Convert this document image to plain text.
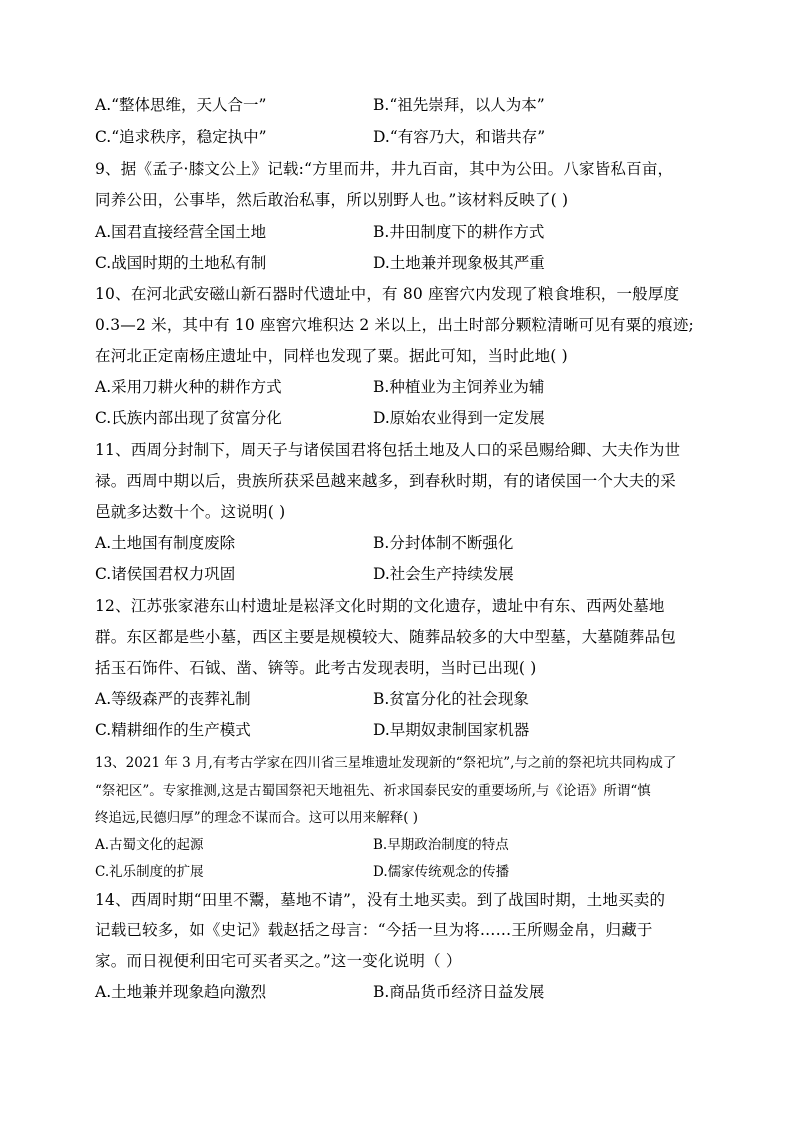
A.“整体思维，天人合一”	B.“祖先崇拜，以人为本”
C.“追求秩序，稳定执中”	D.“有容乃大，和谐共存”
9、据《孟子·膝文公上》记载:“方里而井，井九百亩，其中为公田。八家皆私百亩，
同养公田，公事毕，然后敢治私事，所以别野人也。”该材料反映了( )
A.国君直接经营全国土地	B.井田制度下的耕作方式
C.战国时期的土地私有制	D.土地兼并现象极其严重
10、在河北武安磁山新石器时代遗址中，有 80 座窖穴内发现了粮食堆积，一般厚度
0.3—2 米，其中有 10 座窖穴堆积达 2 米以上，出土时部分颗粒清晰可见有粟的痕迹;
在河北正定南杨庄遗址中，同样也发现了粟。据此可知，当时此地( )
A.采用刀耕火种的耕作方式	B.种植业为主饲养业为辅
C.氏族内部出现了贫富分化	D.原始农业得到一定发展
11、西周分封制下，周天子与诸侯国君将包括土地及人口的采邑赐给卿、大夫作为世
禄。西周中期以后，贵族所获采邑越来越多，到春秋时期，有的诸侯国一个大夫的采
邑就多达数十个。这说明( )
A.土地国有制度废除	B.分封体制不断强化
C.诸侯国君权力巩固	D.社会生产持续发展
12、江苏张家港东山村遗址是崧泽文化时期的文化遗存，遗址中有东、西两处墓地
群。东区都是些小墓，西区主要是规模较大、随葬品较多的大中型墓，大墓随葬品包
括玉石饰件、石钺、凿、锛等。此考古发现表明，当时已出现( )
A.等级森严的丧葬礼制	B.贫富分化的社会现象
C.精耕细作的生产模式	D.早期奴隶制国家机器
13、2021 年 3 月,有考古学家在四川省三星堆遗址发现新的“祭祀坑”,与之前的祭祀坑共同构成了
“祭祀区”。专家推测,这是古蜀国祭祀天地祖先、祈求国泰民安的重要场所,与《论语》所谓“慎
终追远,民德归厚”的理念不谋而合。这可以用来解释( )
A.古蜀文化的起源	B.早期政治制度的特点
C.礼乐制度的扩展	D.儒家传统观念的传播
14、西周时期“田里不鬻，墓地不请”，没有土地买卖。到了战国时期，土地买卖的
记载已较多，如《史记》载赵括之母言：“今括一旦为将……王所赐金帛，归藏于
家。而日视便利田宅可买者买之。”这一变化说明（ ）
A.土地兼并现象趋向激烈	B.商品货币经济日益发展
